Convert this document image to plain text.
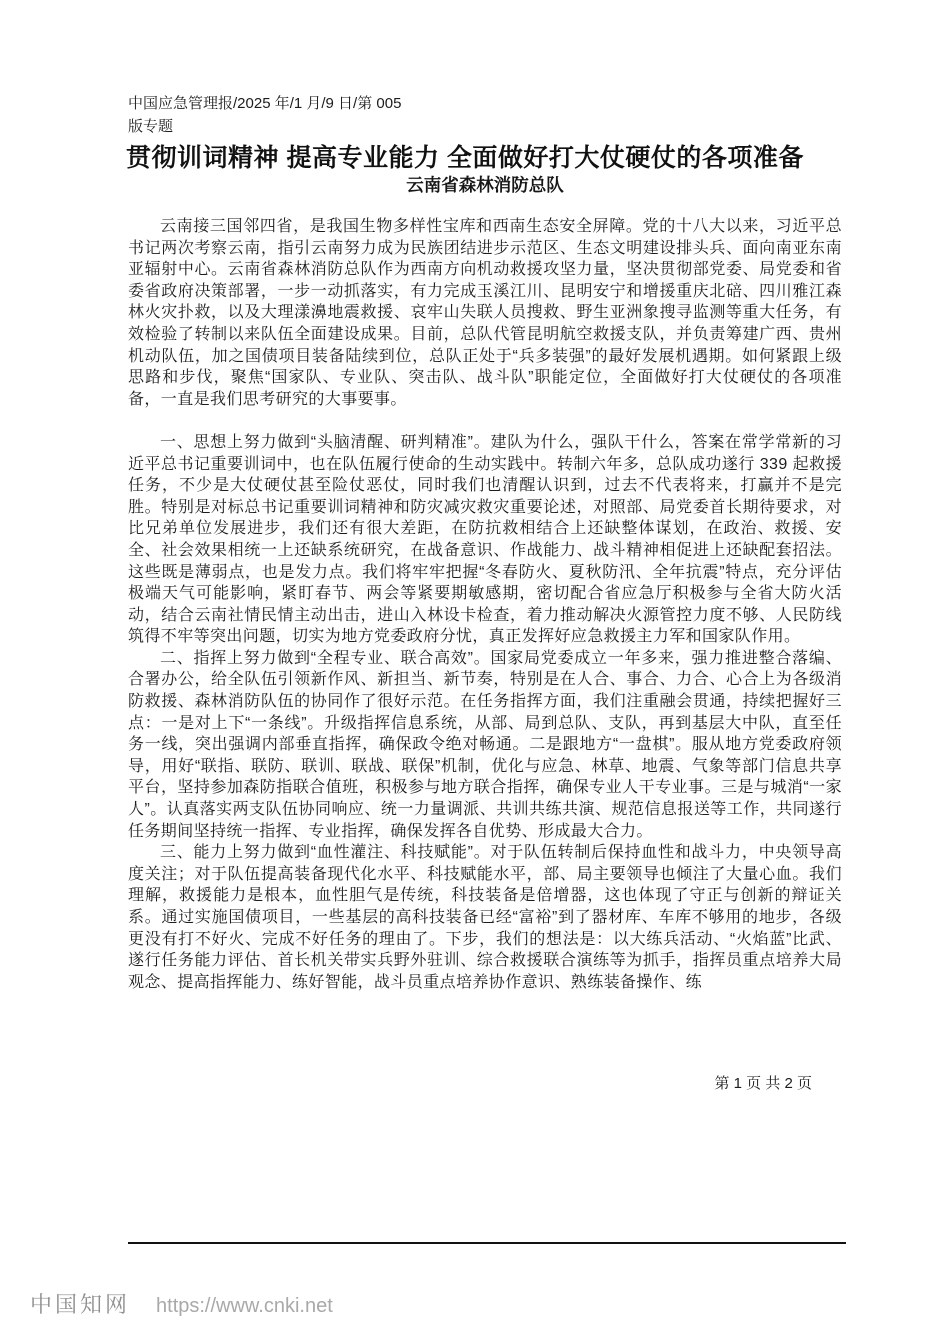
中国应急管理报/2025 年/1 月/9 日/第 005
版专题
贯彻训词精神 提高专业能力 全面做好打大仗硬仗的各项准备
云南省森林消防总队

云南接三国邻四省，是我国生物多样性宝库和西南生态安全屏障。党的十八大以来，习近平总书记两次考察云南，指引云南努力成为民族团结进步示范区、生态文明建设排头兵、面向南亚东南亚辐射中心。云南省森林消防总队作为西南方向机动救援攻坚力量，坚决贯彻部党委、局党委和省委省政府决策部署，一步一动抓落实，有力完成玉溪江川、昆明安宁和增援重庆北碚、四川雅江森林火灾扑救，以及大理漾濞地震救援、哀牢山失联人员搜救、野生亚洲象搜寻监测等重大任务，有效检验了转制以来队伍全面建设成果。目前，总队代管昆明航空救援支队，并负责筹建广西、贵州机动队伍，加之国债项目装备陆续到位，总队正处于“兵多装强”的最好发展机遇期。如何紧跟上级思路和步伐，聚焦“国家队、专业队、突击队、战斗队”职能定位，全面做好打大仗硬仗的各项准备，一直是我们思考研究的大事要事。

一、思想上努力做到“头脑清醒、研判精准”。建队为什么，强队干什么，答案在常学常新的习近平总书记重要训词中，也在队伍履行使命的生动实践中。转制六年多，总队成功遂行 339 起救援任务，不少是大仗硬仗甚至险仗恶仗，同时我们也清醒认识到，过去不代表将来，打赢并不是完胜。特别是对标总书记重要训词精神和防灾减灾救灾重要论述，对照部、局党委首长期待要求，对比兄弟单位发展进步，我们还有很大差距，在防抗救相结合上还缺整体谋划，在政治、救援、安全、社会效果相统一上还缺系统研究，在战备意识、作战能力、战斗精神相促进上还缺配套招法。这些既是薄弱点，也是发力点。我们将牢牢把握“冬春防火、夏秋防汛、全年抗震”特点，充分评估极端天气可能影响，紧盯春节、两会等紧要期敏感期，密切配合省应急厅积极参与全省大防火活动，结合云南社情民情主动出击，进山入林设卡检查，着力推动解决火源管控力度不够、人民防线筑得不牢等突出问题，切实为地方党委政府分忧，真正发挥好应急救援主力军和国家队作用。

二、指挥上努力做到“全程专业、联合高效”。国家局党委成立一年多来，强力推进整合落编、合署办公，给全队伍引领新作风、新担当、新节奏，特别是在人合、事合、力合、心合上为各级消防救援、森林消防队伍的协同作了很好示范。在任务指挥方面，我们注重融会贯通，持续把握好三点：一是对上下“一条线”。升级指挥信息系统，从部、局到总队、支队，再到基层大中队，直至任务一线，突出强调内部垂直指挥，确保政令绝对畅通。二是跟地方“一盘棋”。服从地方党委政府领导，用好“联指、联防、联训、联战、联保”机制，优化与应急、林草、地震、气象等部门信息共享平台，坚持参加森防指联合值班，积极参与地方联合指挥，确保专业人干专业事。三是与城消“一家人”。认真落实两支队伍协同响应、统一力量调派、共训共练共演、规范信息报送等工作，共同遂行任务期间坚持统一指挥、专业指挥，确保发挥各自优势、形成最大合力。

三、能力上努力做到“血性灌注、科技赋能”。对于队伍转制后保持血性和战斗力，中央领导高度关注；对于队伍提高装备现代化水平、科技赋能水平，部、局主要领导也倾注了大量心血。我们理解，救援能力是根本，血性胆气是传统，科技装备是倍增器，这也体现了守正与创新的辩证关系。通过实施国债项目，一些基层的高科技装备已经“富裕”到了器材库、车库不够用的地步，各级更没有打不好火、完成不好任务的理由了。下步，我们的想法是：以大练兵活动、“火焰蓝”比武、遂行任务能力评估、首长机关带实兵野外驻训、综合救援联合演练等为抓手，指挥员重点培养大局观念、提高指挥能力、练好智能，战斗员重点培养协作意识、熟练装备操作、练

第 1 页 共 2 页
中国知网 https://www.cnki.net
